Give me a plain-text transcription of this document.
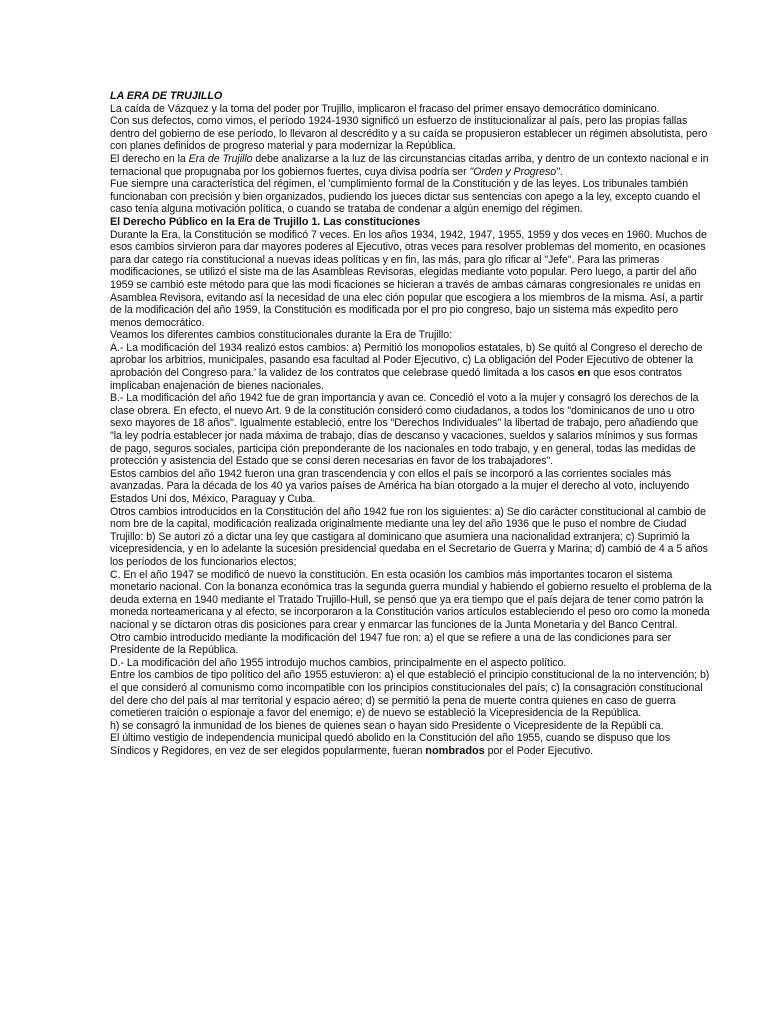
LA ERA DE TRUJILLO

La caída de Vázquez y la toma del poder por Trujillo, implicaron el fracaso del primer ensayo democrático dominicano.

Con sus defectos, como vimos, el período 1924-1930 significó un esfuerzo de institucionalizar al país, pero las propias fallas dentro del gobierno de ese período, lo llevaron al descrédito y a su caída se propusieron establecer un régimen absolutista, pero con planes definidos de progreso material y para modernizar la República.

El derecho en la Era de Trujillo debe analizarse a la luz de las circunstancias citadas arriba, y dentro de un contexto nacional e in ternacional que propugnaba por los gobiernos fuertes, cuya divisa podría ser "Orden y Progreso".

Fue siempre una característica del régimen, el 'cumplimiento formal de la Constitución y de las leyes. Los tribunales también funcionaban con precisión y bien organizados, pudiendo los jueces dictar sus sentencias con apego a la ley, excepto cuando el caso tenía alguna motivación política, o cuando se trataba de condenar a algún enemigo del régimen.

El Derecho Público en la Era de Trujillo 1. Las constituciones

Durante la Era, la Constitución se modificó 7 veces. En los años 1934, 1942, 1947, 1955, 1959 y dos veces en 1960. Muchos de esos cambios sirvieron para dar mayores poderes al Ejecutivo, otras veces para resolver problemas del momento, en ocasiones para dar catego ría constitucional a nuevas ideas políticas y en fin, las más, para glo rificar al "Jefe". Para las primeras modificaciones, se utilizó el siste ma de las Asambleas Revisoras, elegidas mediante voto popular. Pero luego, a partir del año 1959 se cambió este método para que las modi ficaciones se hicieran a través de ambas cámaras congresionales re unidas en Asamblea Revisora, evitando así la necesidad de una elec ción popular que escogiera a los miembros de la misma. Así, a partir de la modificación del año 1959, la Constitución es modificada por el pro pio congreso, bajo un sistema más expedito pero menos democrático.

Veamos los diferentes cambios constitucionales durante la Era de Trujillo:

A.- La modificación del 1934 realizó estos cambios: a) Permitió los monopolios estatales, b) Se quitó al Congreso el derecho de aprobar los arbitrios, municipales, pasando esa facultad al Poder Ejecutivo, c) La obligación del Poder Ejecutivo de obtener la aprobación del Congreso para.' la validez de los contratos que celebrase quedó limitada a los casos en que esos contratos implicaban enajenación de bienes nacionales.

B.- La modificación del año 1942 fue de gran importancia y avan ce. Concedió el voto a la mujer y consagró los derechos de la clase obrera. En efecto, el nuevo Art. 9 de la constitución consideró como ciudadanos, a todos los "dominicanos de uno u otro sexo mayores de 18 años". Igualmente estableció, entre los "Derechos Individuales" la libertad de trabajo, pero añadiendo que "la ley podría establecer jor nada máxima de trabajo, días de descanso y vacaciones, sueldos y salarios mínimos y sus formas de pago, seguros sociales, participa ción preponderante de los nacionales en todo trabajo, y en general, todas las medidas de protección y asistencia del Estado que se consi deren necesarias en favor de los trabajadores".

Estos cambios del año 1942 fueron una gran trascendencia y con ellos el país se incorporó a las corrientes sociales más avanzadas. Para la década de los 40 ya varios países de América ha bían otorgado a la mujer el derecho al voto, incluyendo Estados Uni dos, México, Paraguay y Cuba.

Otros cambios introducidos en la Constitución del año 1942 fue ron los siguientes: a) Se dio carácter constitucional al cambio de nom bre de la capital, modificación realizada originalmente mediante una ley del año 1936 que le puso el nombre de Ciudad Trujillo: b) Se autori zó a dictar una ley que castigara al dominicano que asumiera una nacionalidad extranjera; c) Suprimió la vicepresidencia, y en lo adelante la sucesión presidencial quedaba en el Secretario de Guerra y Marina; d) cambió de 4 a 5 años los períodos de los funcionarios electos;

C. En el año 1947 se modificó de nuevo la constitución. En esta ocasión los cambios más importantes tocaron el sistema monetario nacional. Con la bonanza económica tras la segunda guerra mundial y habiendo el gobierno resuelto el problema de la deuda externa en 1940 mediante el Tratado Trujillo-Hull, se pensó que ya era tiempo que el país dejara de tener como patrón la moneda norteamericana y al efecto, se incorporaron a la Constitución varios artículos estableciendo el peso oro como la moneda nacional y se dictaron otras dis posiciones para crear y enmarcar las funciones de la Junta Monetaria y del Banco Central.

Otro cambio introducido mediante la modificación del 1947 fue ron: a) el que se refiere a una de las condiciones para ser Presidente de la República.

D.- La modificación del año 1955 introdujo muchos cambios, principalmente en el aspecto político.

Entre los cambios de tipo político del año 1955 estuvieron: a) el que estableció el principio constitucional de la no intervención; b) el que consideró al comunismo como incompatible con los principios constitucionales del país; c) la consagración constitucional del dere cho del país al mar territorial y espacio aéreo; d) se permitió la pena de muerte contra quienes en caso de guerra cometieren traición o espionaje a favor del enemigo; e) de nuevo se estableció la Vicepresidencia de la República.

h) se consagró la inmunidad de los bienes de quienes sean o hayan sido Presidente o Vicepresidente de la Repúbli ca.

El último vestigio de independencia municipal quedó abolido en la Constitución del año 1955, cuando se dispuso que los Síndicos y Regidores, en vez de ser elegidos popularmente, fueran nombrados por el Poder Ejecutivo.
